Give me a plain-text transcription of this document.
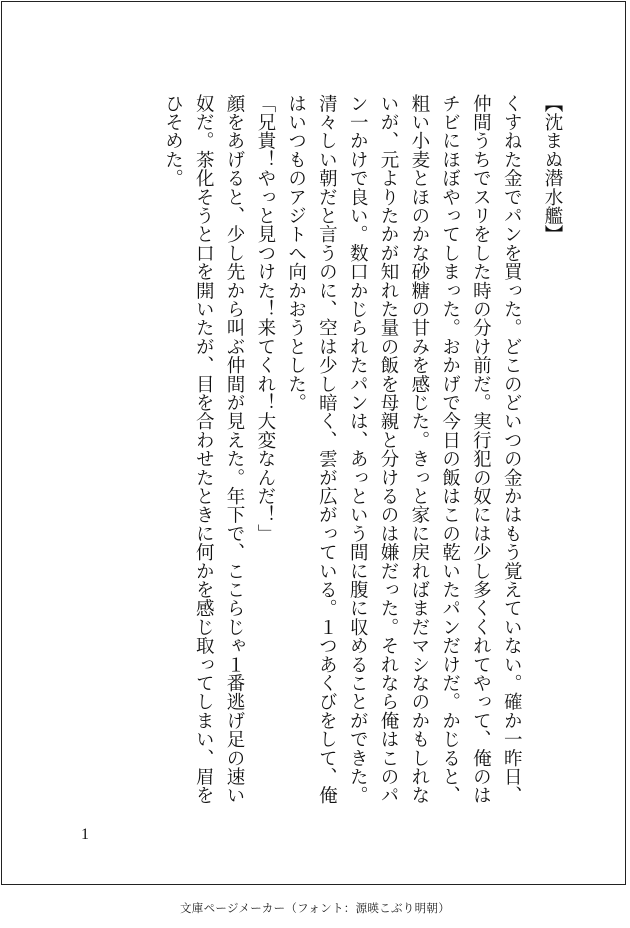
【沈まぬ潜水艦】

くすねた金でパンを買った。どこのどいつの金かはもう覚えていない。確か一昨日、仲間うちでスリをした時の分け前だ。実行犯の奴には少し多くくれてやって、俺のはチビにほぼやってしまった。おかげで今日の飯はこの乾いたパンだけだ。かじると、粗い小麦とほのかな砂糖の甘みを感じた。きっと家に戻ればまだマシなのかもしれないが、元よりたかが知れた量の飯を母親と分けるのは嫌だった。それなら俺はこのパン一かけで良い。数口かじられたパンは、あっという間に腹に収めることができた。

清々しい朝だと言うのに、空は少し暗く、雲が広がっている。１つあくびをして、俺はいつものアジトへ向かおうとした。

「兄貴！やっと見つけた！来てくれ！大変なんだ！」

顔をあげると、少し先から叫ぶ仲間が見えた。年下で、ここらじゃ１番逃げ足の速い奴だ。茶化そうと口を開いたが、目を合わせたときに何かを感じ取ってしまい、眉をひそめた。

1
文庫ページメーカー（フォント：源暎こぶり明朝）
